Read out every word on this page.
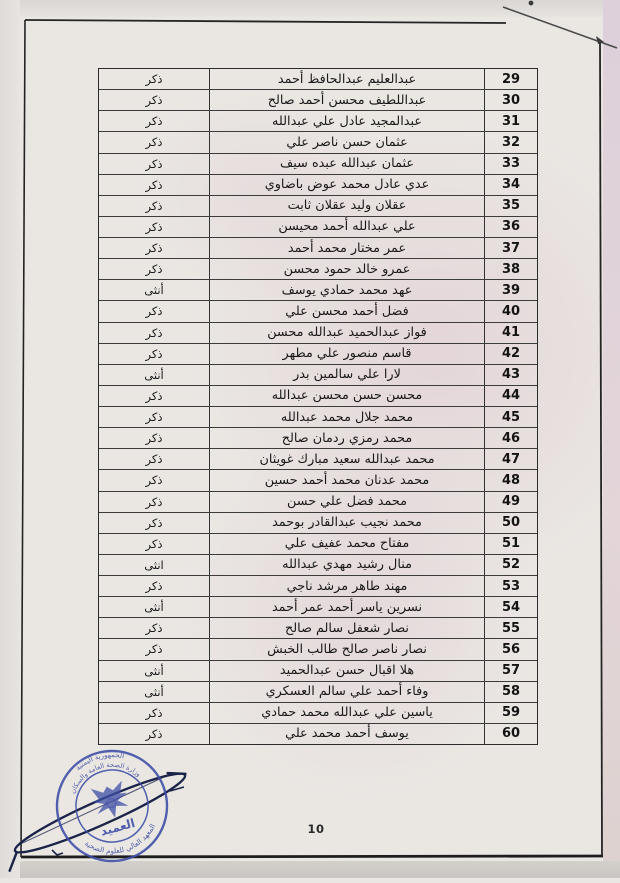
ذكر	عبدالعليم عبدالحافظ أحمد	29
ذكر	عبداللطيف محسن أحمد صالح	30
ذكر	عبدالمجيد عادل علي عبدالله	31
ذكر	عثمان حسن ناصر علي	32
ذكر	عثمان عبدالله عبده سيف	33
ذكر	عدي عادل محمد عوض باضاوي	34
ذكر	عقلان وليد عقلان ثابت	35
ذكر	علي عبدالله أحمد محيسن	36
ذكر	عمر مختار محمد أحمد	37
ذكر	عمرو خالد حمود محسن	38
أنثى	عهد محمد حمادي يوسف	39
ذكر	فضل أحمد محسن علي	40
ذكر	فواز عبدالحميد عبدالله محسن	41
ذكر	قاسم منصور علي مطهر	42
أنثى	لارا علي سالمين بدر	43
ذكر	محسن حسن محسن عبدالله	44
ذكر	محمد جلال محمد عبدالله	45
ذكر	محمد رمزي ردمان صالح	46
ذكر	محمد عبدالله سعيد مبارك غويثان	47
ذكر	محمد عدنان محمد أحمد حسين	48
ذكر	محمد فضل علي حسن	49
ذكر	محمد نجيب عبدالقادر بوحمد	50
ذكر	مفتاح محمد عفيف علي	51
انثى	منال رشيد مهدي عبدالله	52
ذكر	مهند طاهر مرشد ناجي	53
أنثى	نسرين ياسر أحمد عمر أحمد	54
ذكر	نصار شعفل سالم صالح	55
ذكر	نصار ناصر صالح طالب الخبش	56
أنثى	هلا اقبال حسن عبدالحميد	57
أنثى	وفاء أحمد علي سالم العسكري	58
ذكر	ياسين علي عبدالله محمد حمادي	59
ذكر	يوسف أحمد محمد علي	60
الجمهورية اليمنية
وزارة الصحة العامة والسكان
المعهد العالي للعلوم الصحية
العميد	10
